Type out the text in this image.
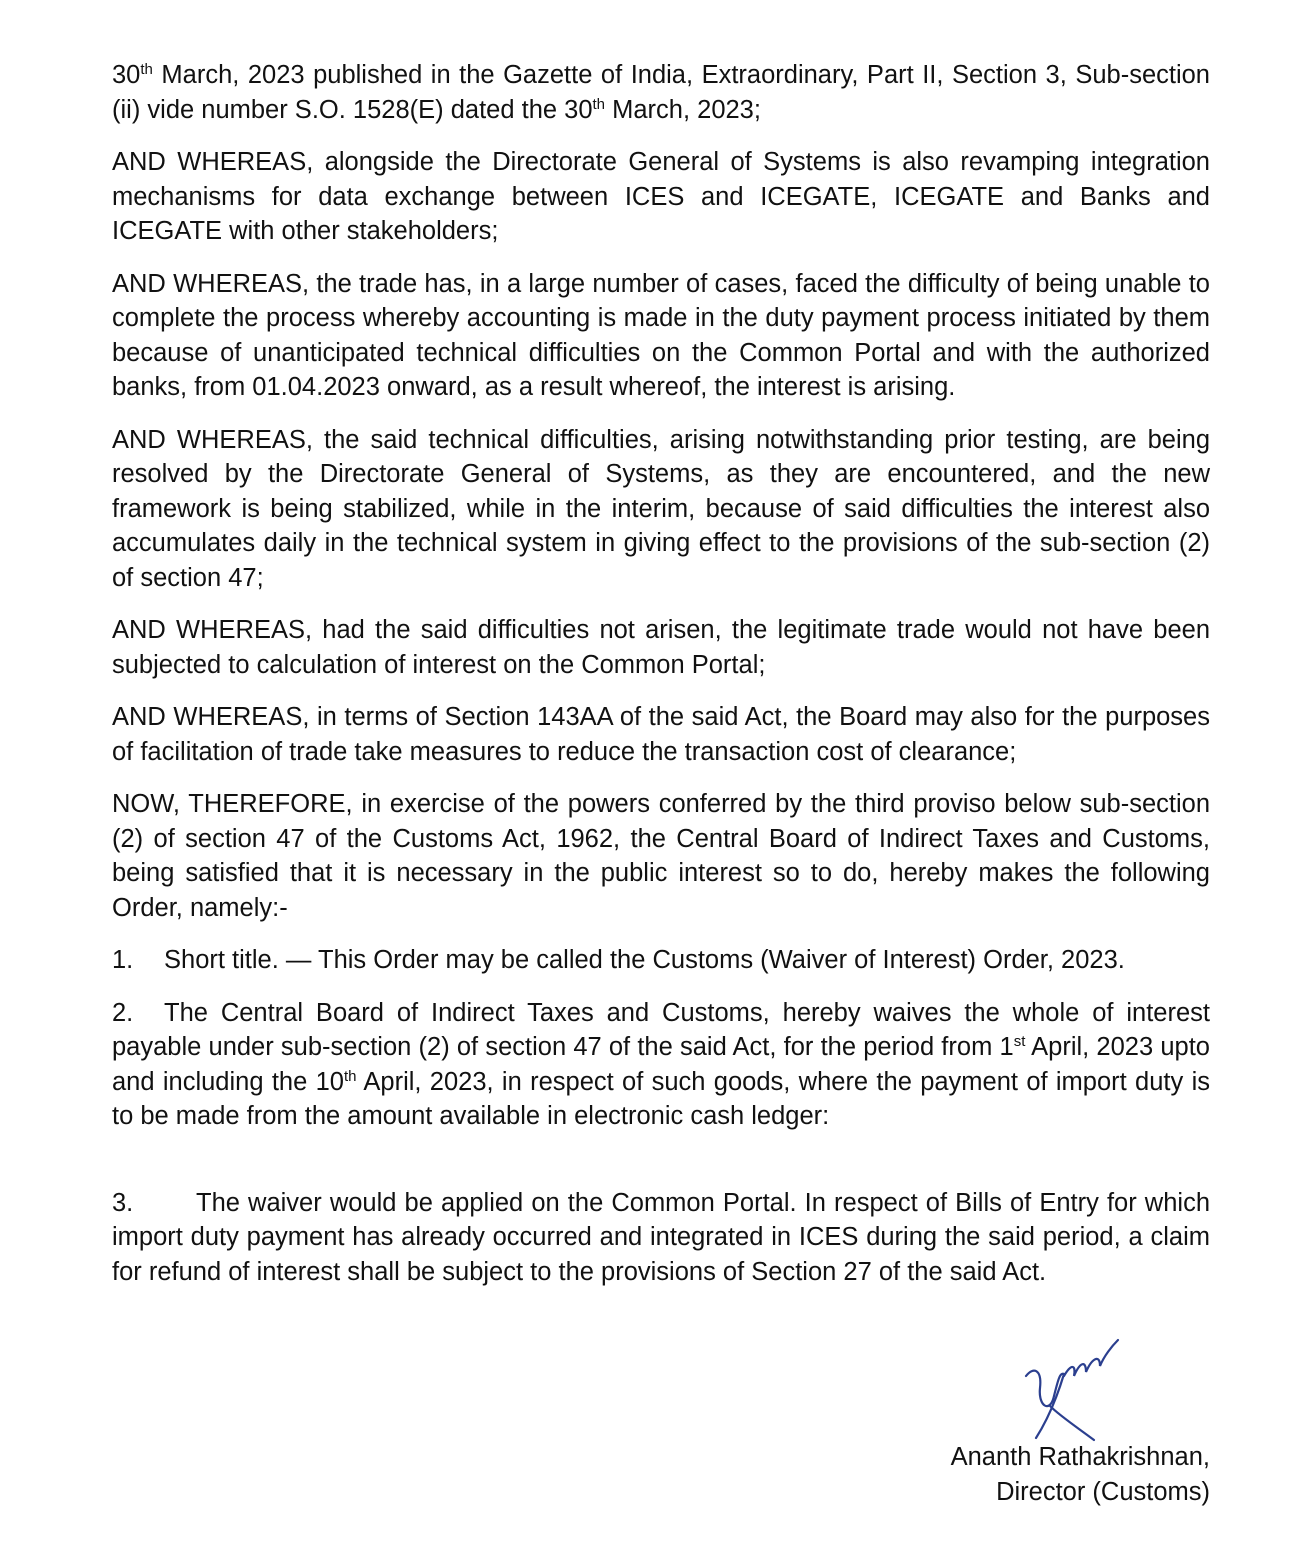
30th March, 2023 published in the Gazette of India, Extraordinary, Part II, Section 3, Sub-section (ii) vide number S.O. 1528(E) dated the 30th March, 2023;

AND WHEREAS, alongside the Directorate General of Systems is also revamping integration mechanisms for data exchange between ICES and ICEGATE, ICEGATE and Banks and ICEGATE with other stakeholders;

AND WHEREAS, the trade has, in a large number of cases, faced the difficulty of being unable to complete the process whereby accounting is made in the duty payment process initiated by them because of unanticipated technical difficulties on the Common Portal and with the authorized banks, from 01.04.2023 onward, as a result whereof, the interest is arising.

AND WHEREAS, the said technical difficulties, arising notwithstanding prior testing, are being resolved by the Directorate General of Systems, as they are encountered, and the new framework is being stabilized, while in the interim, because of said difficulties the interest also accumulates daily in the technical system in giving effect to the provisions of the sub-section (2) of section 47;

AND WHEREAS, had the said difficulties not arisen, the legitimate trade would not have been subjected to calculation of interest on the Common Portal;

AND WHEREAS, in terms of Section 143AA of the said Act, the Board may also for the purposes of facilitation of trade take measures to reduce the transaction cost of clearance;

NOW, THEREFORE, in exercise of the powers conferred by the third proviso below sub-section (2) of section 47 of the Customs Act, 1962, the Central Board of Indirect Taxes and Customs, being satisfied that it is necessary in the public interest so to do, hereby makes the following Order, namely:-

1. Short title. — This Order may be called the Customs (Waiver of Interest) Order, 2023.

2. The Central Board of Indirect Taxes and Customs, hereby waives the whole of interest payable under sub-section (2) of section 47 of the said Act, for the period from 1st April, 2023 upto and including the 10th April, 2023, in respect of such goods, where the payment of import duty is to be made from the amount available in electronic cash ledger:

3. The waiver would be applied on the Common Portal. In respect of Bills of Entry for which import duty payment has already occurred and integrated in ICES during the said period, a claim for refund of interest shall be subject to the provisions of Section 27 of the said Act.

Ananth Rathakrishnan,
Director (Customs)
